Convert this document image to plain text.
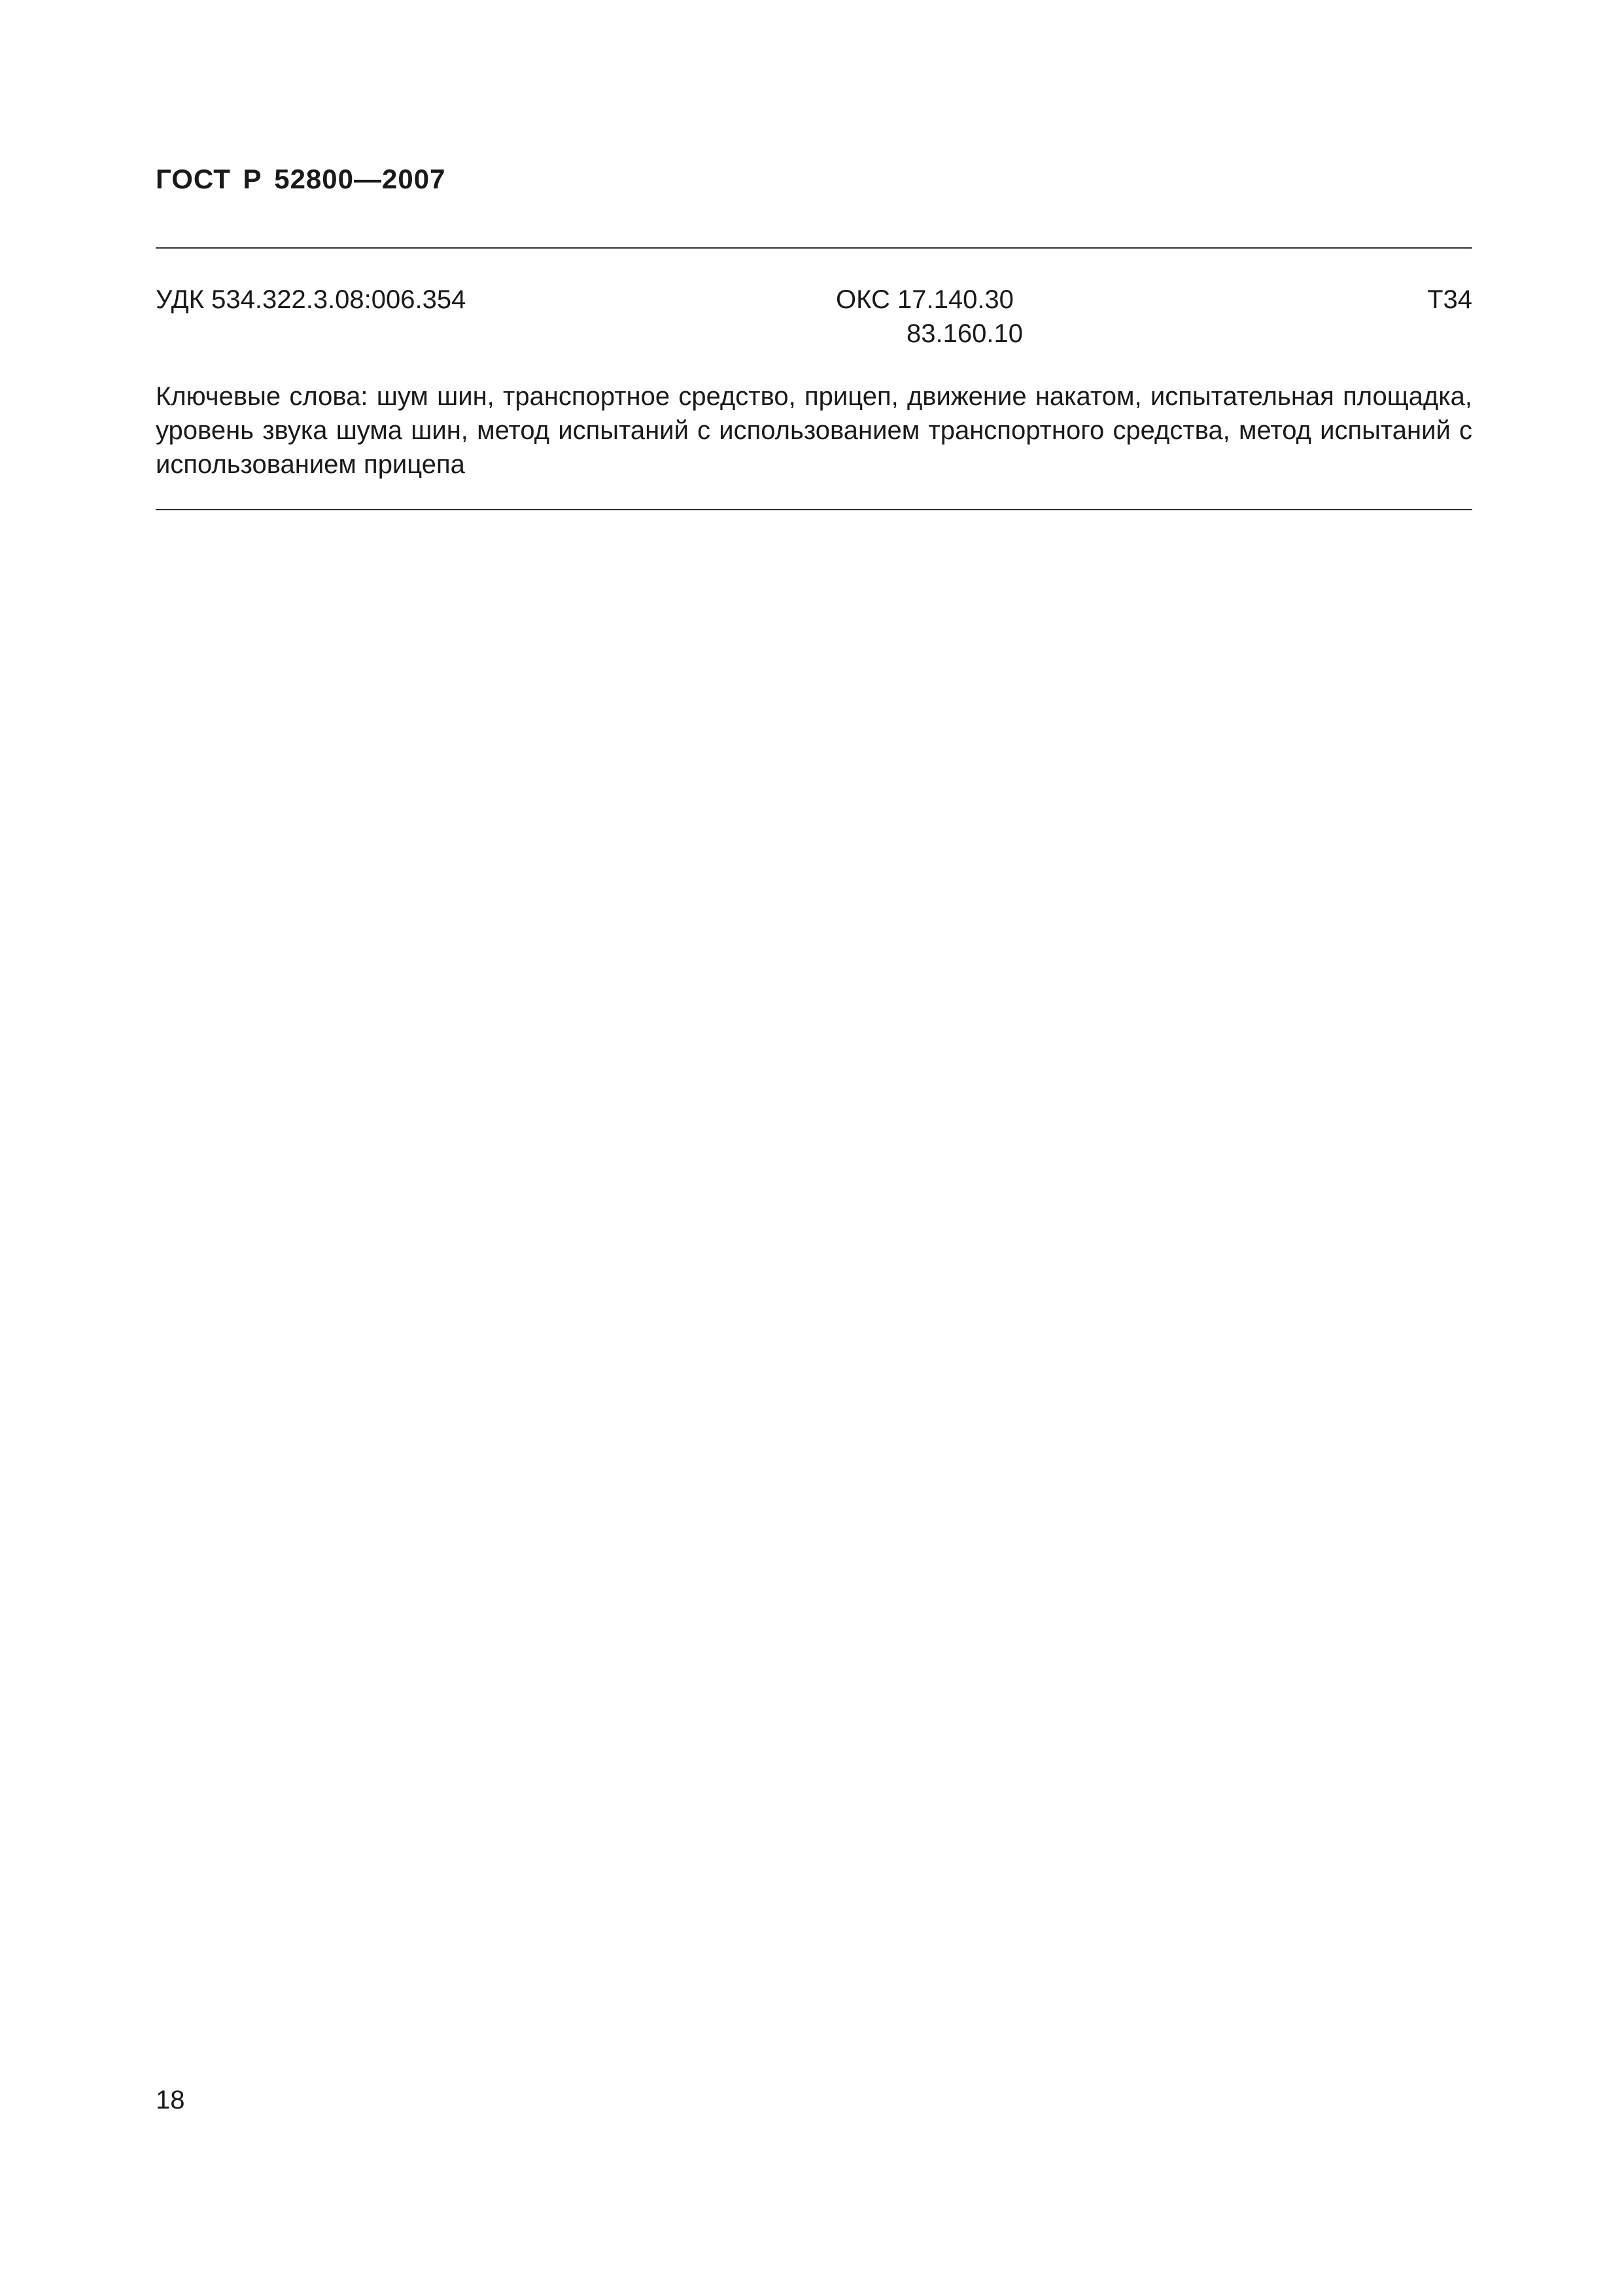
ГОСТ Р 52800—2007
УДК 534.322.3.08:006.354	ОКС 17.140.30
83.160.10
Т34
Ключевые слова: шум шин, транспортное средство, прицеп, движение накатом, испытательная площадка, уровень звука шума шин, метод испытаний с использованием транспортного средства, метод испытаний с использованием прицепа
18
